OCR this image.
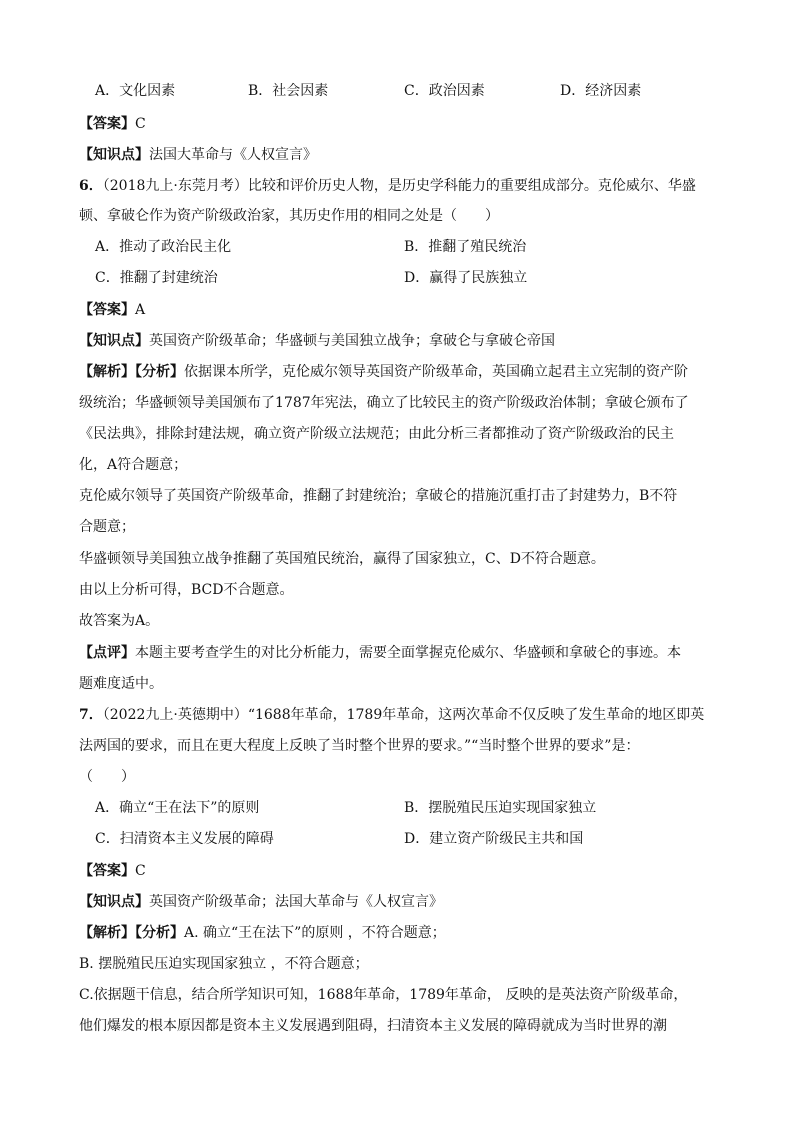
A．文化因素	B．社会因素	C．政治因素	D．经济因素
【答案】C
【知识点】法国大革命与《人权宣言》
6．（2018九上·东莞月考）比较和评价历史人物，是历史学科能力的重要组成部分。克伦威尔、华盛
顿、拿破仑作为资产阶级政治家，其历史作用的相同之处是（　　）
A．推动了政治民主化	B．推翻了殖民统治
C．推翻了封建统治	D．赢得了民族独立
【答案】A
【知识点】英国资产阶级革命；华盛顿与美国独立战争；拿破仑与拿破仑帝国
【解析】【分析】依据课本所学，克伦威尔领导英国资产阶级革命，英国确立起君主立宪制的资产阶
级统治；华盛顿领导美国颁布了1787年宪法，确立了比较民主的资产阶级政治体制；拿破仑颁布了
《民法典》，排除封建法规，确立资产阶级立法规范；由此分析三者都推动了资产阶级政治的民主
化，A符合题意；
克伦威尔领导了英国资产阶级革命，推翻了封建统治；拿破仑的措施沉重打击了封建势力，B不符
合题意；
华盛顿领导美国独立战争推翻了英国殖民统治，赢得了国家独立，C、D不符合题意。
由以上分析可得，BCD不合题意。
故答案为A。
【点评】本题主要考查学生的对比分析能力，需要全面掌握克伦威尔、华盛顿和拿破仑的事迹。本
题难度适中。
7．（2022九上·英德期中）“1688年革命，1789年革命，这两次革命不仅反映了发生革命的地区即英
法两国的要求，而且在更大程度上反映了当时整个世界的要求。”“当时整个世界的要求”是：
（　　）
A．确立“王在法下”的原则	B．摆脱殖民压迫实现国家独立
C．扫清资本主义发展的障碍	D．建立资产阶级民主共和国
【答案】C
【知识点】英国资产阶级革命；法国大革命与《人权宣言》
【解析】【分析】A. 确立“王在法下”的原则 ，不符合题意；
B. 摆脱殖民压迫实现国家独立 ，不符合题意；
C.依据题干信息，结合所学知识可知，1688年革命，1789年革命， 反映的是英法资产阶级革命，
他们爆发的根本原因都是资本主义发展遇到阻碍，扫清资本主义发展的障碍就成为当时世界的潮
